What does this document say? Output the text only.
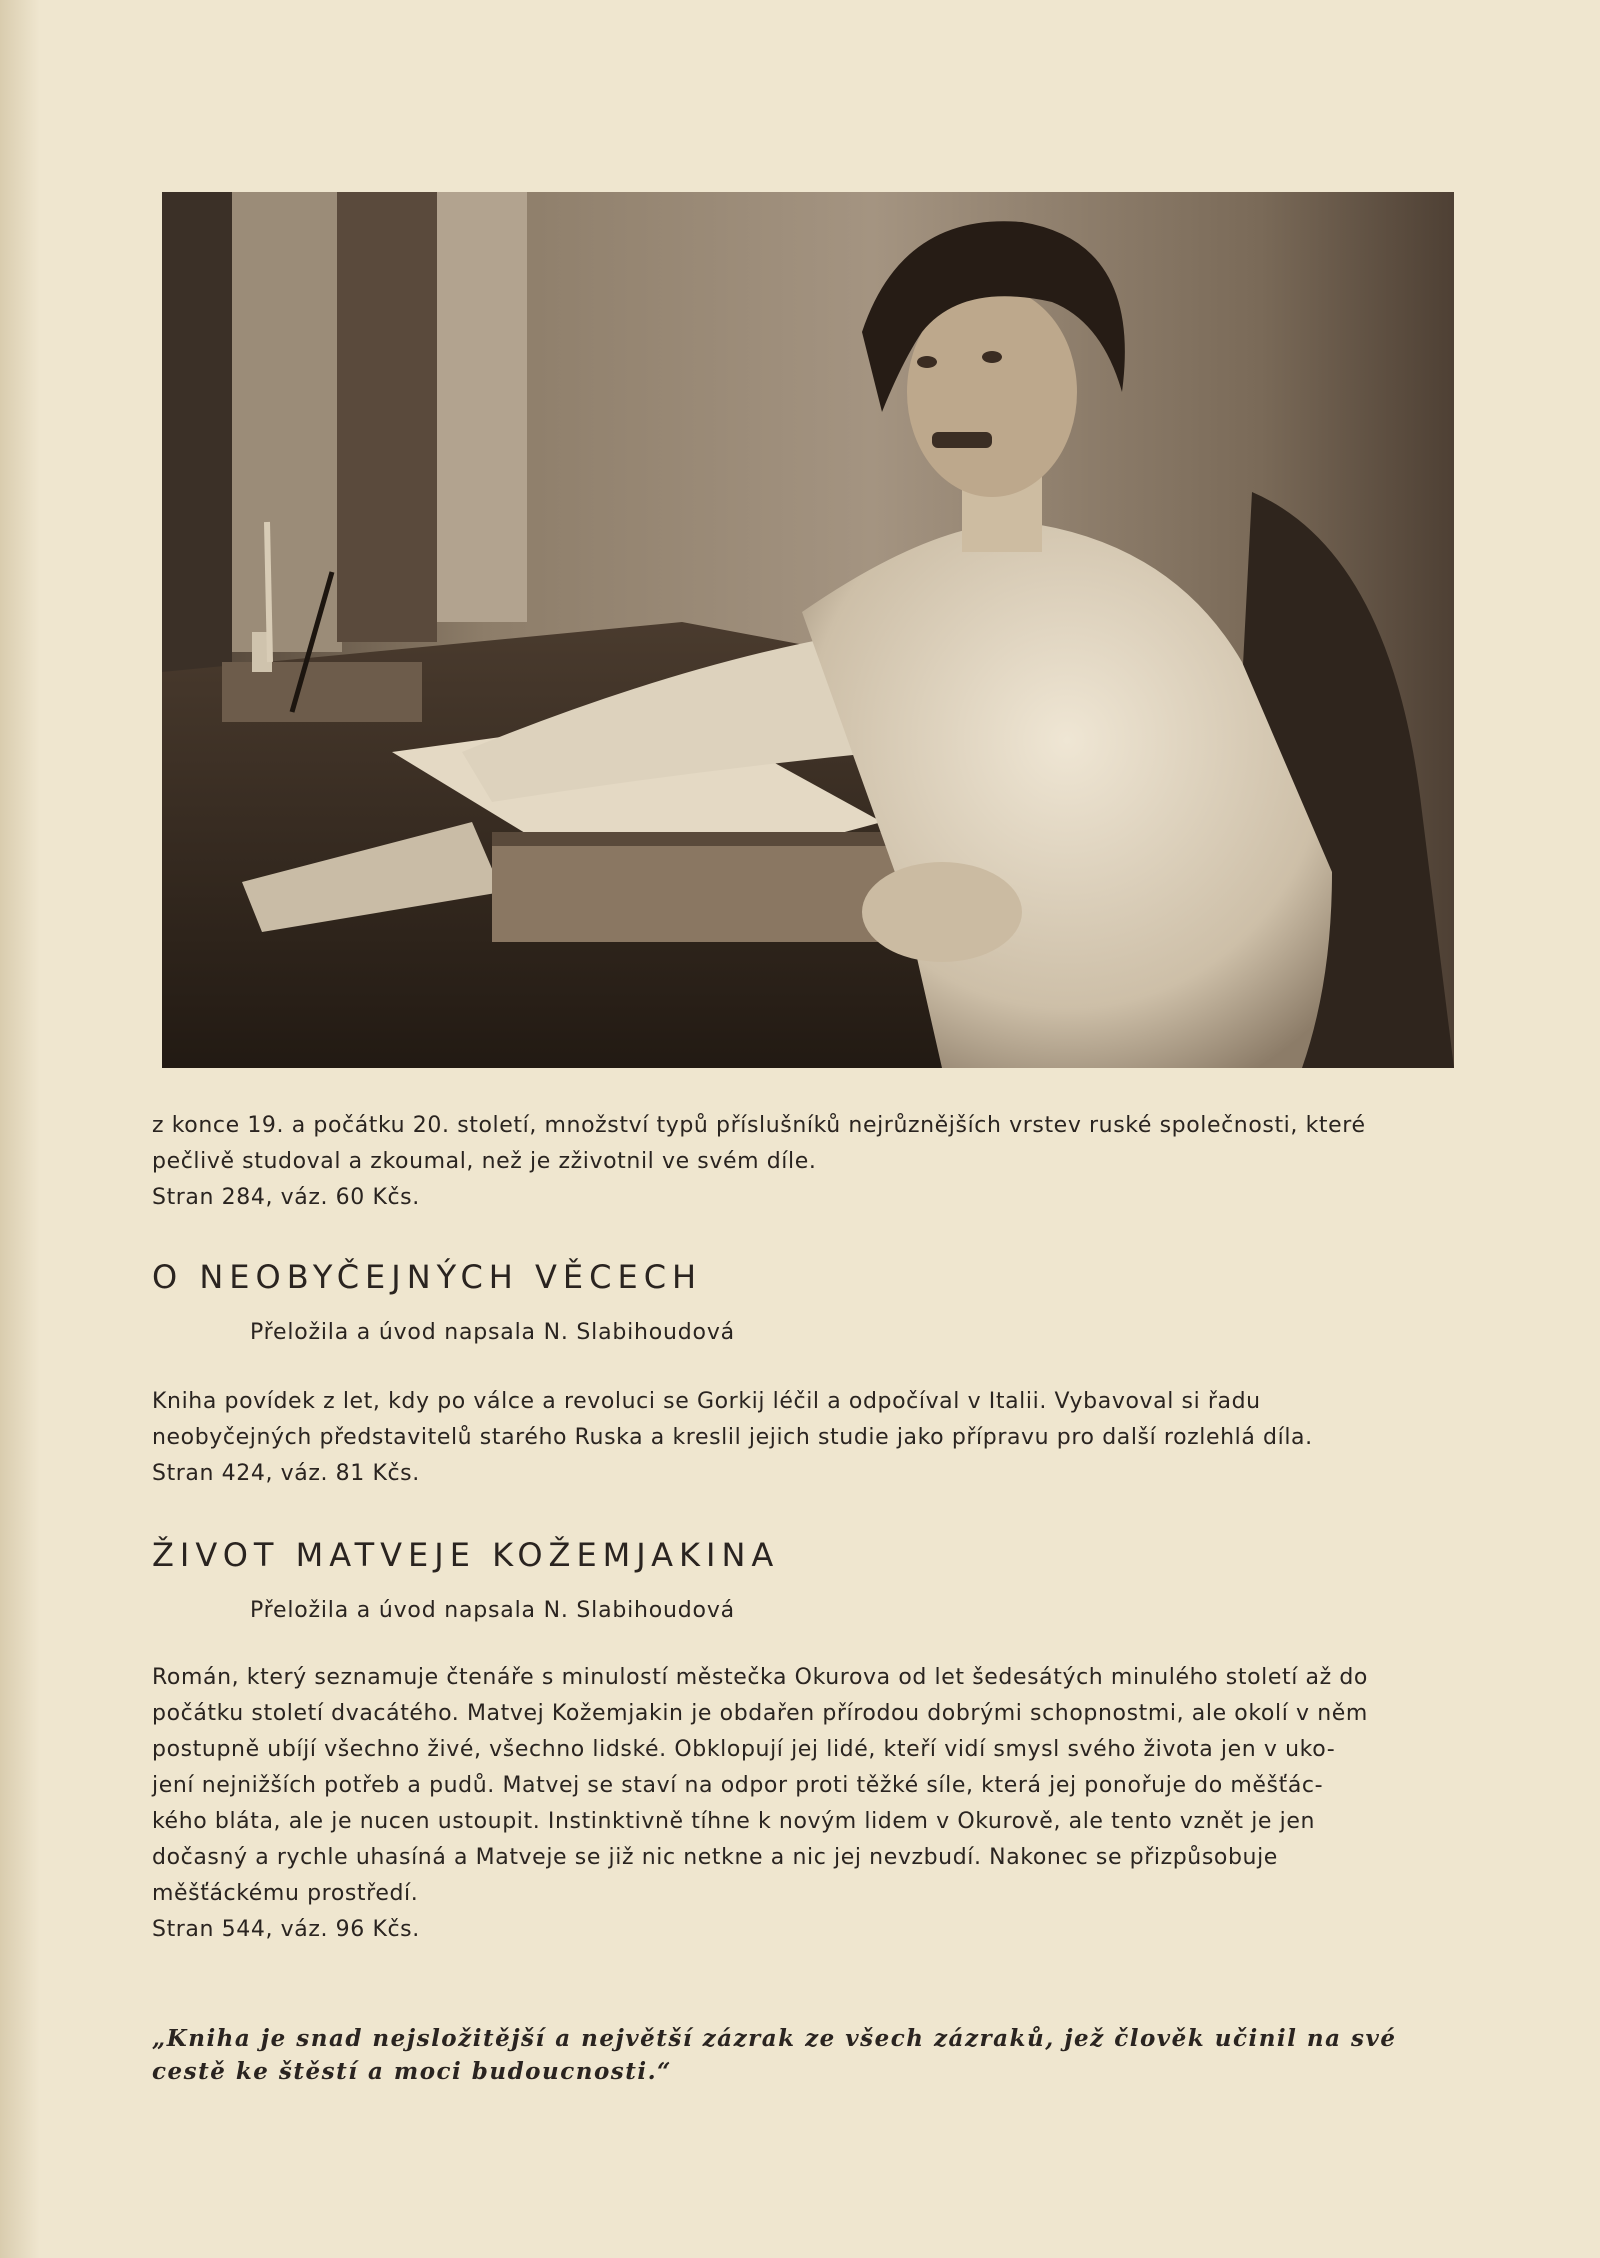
z konce 19. a počátku 20. století, množství typů příslušníků nejrůznějších vrstev ruské společnosti, které
pečlivě studoval a zkoumal, než je zživotnil ve svém díle.
Stran 284, váz. 60 Kčs.
O NEOBYČEJNÝCH VĚCECH
Přeložila a úvod napsala N. Slabihoudová
Kniha povídek z let, kdy po válce a revoluci se Gorkij léčil a odpočíval v Italii. Vybavoval si řadu
neobyčejných představitelů starého Ruska a kreslil jejich studie jako přípravu pro další rozlehlá díla.
Stran 424, váz. 81 Kčs.
ŽIVOT MATVEJE KOŽEMJAKINA
Přeložila a úvod napsala N. Slabihoudová
Román, který seznamuje čtenáře s minulostí městečka Okurova od let šedesátých minulého století až do
počátku století dvacátého. Matvej Kožemjakin je obdařen přírodou dobrými schopnostmi, ale okolí v něm
postupně ubíjí všechno živé, všechno lidské. Obklopují jej lidé, kteří vidí smysl svého života jen v uko-
jení nejnižších potřeb a pudů. Matvej se staví na odpor proti těžké síle, která jej ponořuje do měšťác-
kého bláta, ale je nucen ustoupit. Instinktivně tíhne k novým lidem v Okurově, ale tento vznět je jen
dočasný a rychle uhasíná a Matveje se již nic netkne a nic jej nevzbudí. Nakonec se přizpůsobuje
měšťáckému prostředí.
Stran 544, váz. 96 Kčs.
„Kniha je snad nejsložitější a největší zázrak ze všech zázraků, jež člověk učinil na své
cestě ke štěstí a moci budoucnosti.“
